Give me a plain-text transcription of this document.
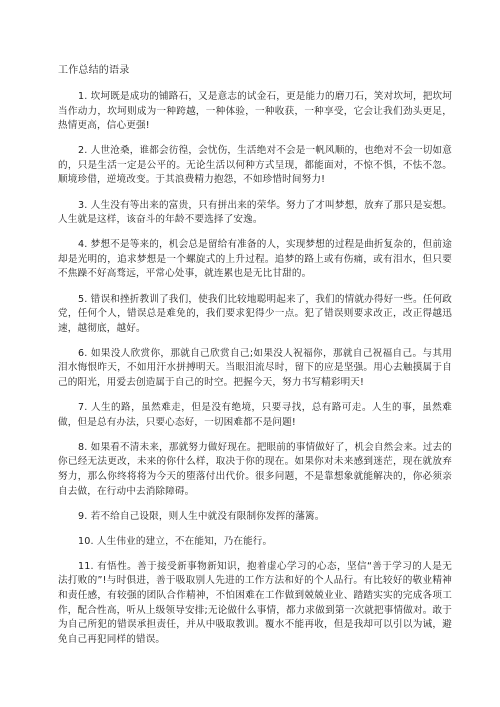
工作总结的语录

1. 坎坷既是成功的铺路石，又是意志的试金石，更是能力的磨刀石，笑对坎坷，把坎坷当作动力，坎坷则成为一种跨越，一种体验，一种收获，一种享受，它会让我们劲头更足，热情更高，信心更强!

2. 人世沧桑，谁都会彷徨，会忧伤，生活绝对不会是一帆风顺的，也绝对不会一切如意的，只是生活一定是公平的。无论生活以何种方式呈现，都能面对，不惊不惧，不怯不忽。顺境珍借，逆境改变。于其浪费精力抱怨，不如珍惜时间努力!

3. 人生没有等出来的富贵，只有拼出来的荣华。努力了才叫梦想，放弃了那只是妄想。人生就是这样，该奋斗的年龄不要选择了安逸。

4. 梦想不是等来的，机会总是留给有准备的人，实现梦想的过程是曲折复杂的，但前途却是光明的，追求梦想是一个螺旋式的上升过程。追梦的路上或有伤痛，或有泪水，但只要不焦躁不好高骛远，平常心处事，就连累也是无比甘甜的。

5. 错误和挫折教训了我们，使我们比较地聪明起来了，我们的情就办得好一些。任何政党，任何个人，错误总是难免的，我们要求犯得少一点。犯了错误则要求改正，改正得越迅速，越彻底，越好。

6. 如果没人欣赏你，那就自己欣赏自己;如果没人祝福你，那就自己祝福自己。与其用泪水悔恨昨天，不如用汗水拼搏明天。当眼泪流尽时，留下的应是坚强。用心去触摸属于自己的阳光，用爱去创造属于自己的时空。把握今天，努力书写精彩明天!

7. 人生的路，虽然难走，但是没有绝境，只要寻找，总有路可走。人生的事，虽然难做，但是总有办法，只要心态好，一切困难都不是问题!

8. 如果看不清未来，那就努力做好现在。把眼前的事情做好了，机会自然会来。过去的你已经无法更改，未来的你什么样，取决于你的现在。如果你对未来感到迷茫，现在就放弃努力，那么你终将将为今天的堕落付出代价。很多问题，不是靠想象就能解决的，你必须亲自去做，在行动中去消除障碍。

9. 若不给自己设限，则人生中就没有限制你发挥的藩篱。

10. 人生伟业的建立，不在能知，乃在能行。

11. 有悟性。善于接受新事物新知识，抱着虚心学习的心态，坚信“善于学习的人是无法打败的”!与时俱进，善于吸取别人先进的工作方法和好的个人品行。有比较好的敬业精神和责任感，有较强的团队合作精神，不怕困难在工作做到兢兢业业、踏踏实实的完成各项工作，配合性高，听从上级领导安排;无论做什么事情，都力求做到第一次就把事情做对。敢于为自己所犯的错误承担责任，并从中吸取教训。覆水不能再收，但是我却可以引以为诫，避免自己再犯同样的错误。
